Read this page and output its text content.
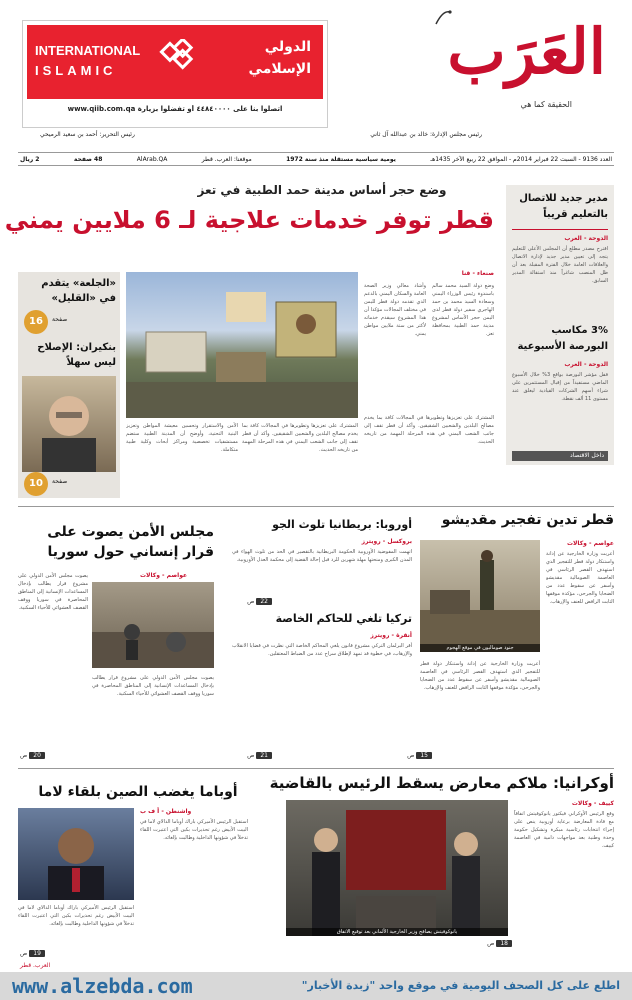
العَرَب
الحقيقة كما هي
INTERNATIONAL
ISLAMIC
الدولي
الإسلامي
اتصلوا بنا على ٤٤٨٤٠٠٠٠ أو تفضلوا بزيارة www.qiib.com.qa
رئيس مجلس الإدارة: خالد بن عبدالله آل ثاني
رئيس التحرير: أحمد بن سعيد الرميحي
العدد 9136 - السبت 22 فبراير 2014م - الموافق 22 ربيع الآخر 1435هـ
يومية سياسية مستقلة منذ سنة 1972
موقعنا: العرب. قطر
AlArab.QA
48 صفحة
2 ريال
مدير جديد للاتصال بالتعليم قريباً
الدوحة - العرب
اقترح مصدر مطلع أن المجلس الأعلى للتعليم يتجه إلى تعيين مدير جديد لإدارة الاتصال والعلاقات العامة خلال الفترة المقبلة بعد أن ظل المنصب شاغراً منذ استقالة المدير السابق.
3% مكاسب البورصة الأسبوعية
الدوحة - العرب
قفل مؤشر البورصة بواقع 3% خلال الأسبوع الماضي مستفيداً من إقبال المستثمرين على شراء أسهم الشركات القيادية ليغلق عند مستوى 11 ألف نقطة.
داخل الاقتصاد
وضع حجر أساس مدينة حمد الطبية في تعز
قطر توفر خدمات علاجية لـ 6 ملايين يمني
صنعاء - قنا
وضع دولة السيد محمد سالم باسندوة رئيس الوزراء اليمني وسعادة السيد محمد بن حمد الهاجري سفير دولة قطر لدى اليمن حجر الأساس لمشروع مدينة حمد الطبية بمحافظة تعز.
وأشاد معالي وزير الصحة العامة والسكان اليمني بالدعم الذي تقدمه دولة قطر لليمن في مختلف المجالات مؤكدا أن هذا المشروع سيقدم خدماته لأكثر من ستة ملايين مواطن يمني.
المشترك على تعزيزها وتطويرها في المجالات كافة بما يخدم مصالح البلدين والشعبين الشقيقين. وأكد أن قطر تقف إلى جانب الشعب اليمني في هذه المرحلة المهمة من تاريخه الحديث.
المشترك على تعزيزها وتطويرها في المجالات كافة بما يخدم مصالح البلدين والشعبين الشقيقين. وأكد أن قطر تقف إلى جانب الشعب اليمني في هذه المرحلة المهمة من تاريخه الحديث.
الأمن والاستقرار وتحسين معيشة المواطن وتعزيز البنية التحتية، وأوضح أن المدينة الطبية ستضم مستشفيات تخصصية ومراكز أبحاث وكلية طبية متكاملة.
«الجلعة» يتقدم في «القليل»
16	صفحة
بنكيران: الإصلاح ليس سهلاً
10	صفحة
قطر تدين تفجير مقديشو
عواصم - وكالات
أعربت وزارة الخارجية عن إدانة واستنكار دولة قطر للتفجير الذي استهدف القصر الرئاسي في العاصمة الصومالية مقديشو وأسفر عن سقوط عدد من الضحايا والجرحى، مؤكدة موقفها الثابت الرافض للعنف والإرهاب.
جنود صوماليون في موقع الهجوم
أعربت وزارة الخارجية عن إدانة واستنكار دولة قطر للتفجير الذي استهدف القصر الرئاسي في العاصمة الصومالية مقديشو وأسفر عن سقوط عدد من الضحايا والجرحى، مؤكدة موقفها الثابت الرافض للعنف والإرهاب.
15
ص
أوروبا: بريطانيا تلوث الجو
بروكسل - رويترز
اتهمت المفوضية الأوروبية الحكومة البريطانية بالتقصير في الحد من تلوث الهواء في المدن الكبرى ومنحتها مهلة شهرين للرد قبل إحالة القضية إلى محكمة العدل الأوروبية.
22
ص
تركيا تلغي للحاكم الخاصة
أنقرة - رويترز
أقر البرلمان التركي مشروع قانون يلغي المحاكم الخاصة التي نظرت في قضايا الانقلاب والإرهاب، في خطوة قد تمهد لإطلاق سراح عدد من الضباط المعتقلين.
21
ص
مجلس الأمن يصوت على قرار إنساني حول سوريا
عواصم - وكالات
يصوت مجلس الأمن الدولي على مشروع قرار يطالب بإدخال المساعدات الإنسانية إلى المناطق المحاصرة في سوريا ووقف القصف العشوائي للأحياء السكنية.
يصوت مجلس الأمن الدولي على مشروع قرار يطالب بإدخال المساعدات الإنسانية إلى المناطق المحاصرة في سوريا ووقف القصف العشوائي للأحياء السكنية.
20
ص
أوكرانيا: ملاكم معارض يسقط الرئيس بالقاضية
كييف - وكالات
وقع الرئيس الأوكراني فيكتور يانوكوفيتش اتفاقاً مع قادة المعارضة برعاية أوروبية ينص على إجراء انتخابات رئاسية مبكرة وتشكيل حكومة وحدة وطنية بعد مواجهات دامية في العاصمة كييف.
يانوكوفيتش يصافح وزير الخارجية الألماني بعد توقيع الاتفاق
18
ص
أوباما يغضب الصين بلقاء لاما
واشنطن - أ ف ب
استقبل الرئيس الأميركي باراك أوباما الدالاي لاما في البيت الأبيض رغم تحذيرات بكين التي اعتبرت اللقاء تدخلاً في شؤونها الداخلية وطالبت بإلغائه.
استقبل الرئيس الأميركي باراك أوباما الدالاي لاما في البيت الأبيض رغم تحذيرات بكين التي اعتبرت اللقاء تدخلاً في شؤونها الداخلية وطالبت بإلغائه.
19
ص
العرب. قطر
www.alzebda.com	اطلع على كل الصحف اليومية في موقع واحد "زبدة الأخبار"
